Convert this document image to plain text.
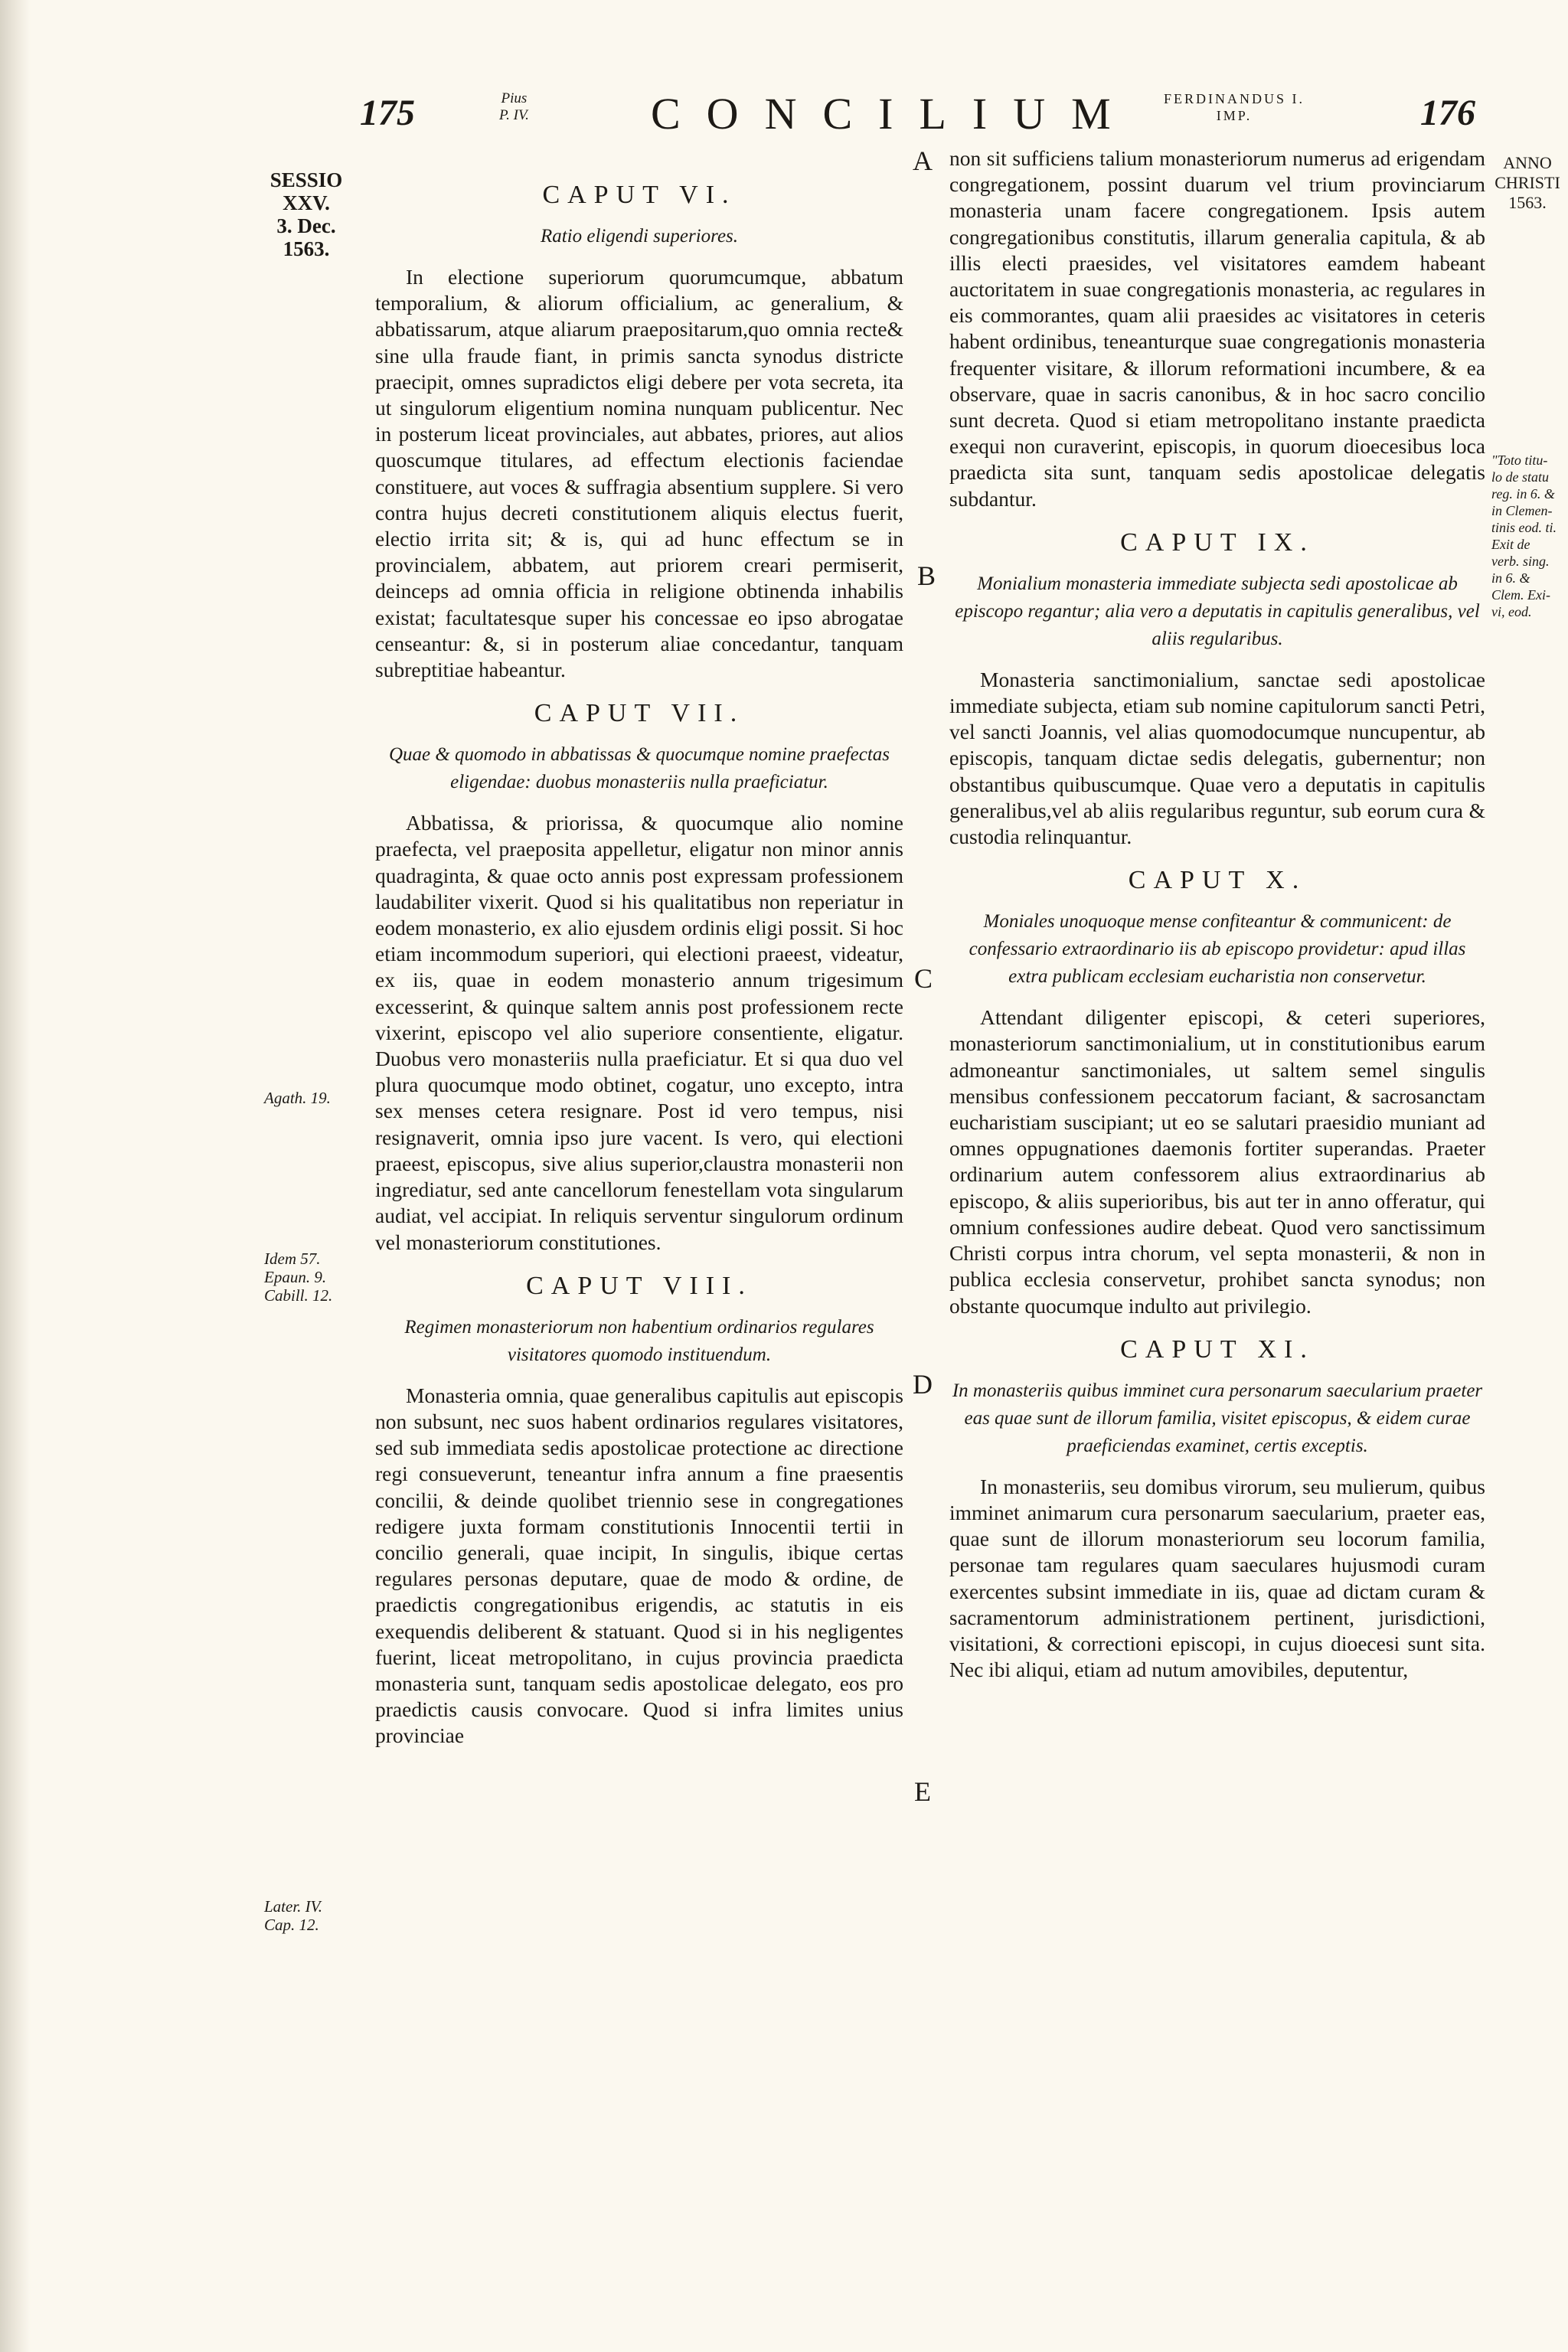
175	Pius
P. IV.	CONCILIUM FERDINANDUS I.
IMP.	176
SESSIO
XXV.
3. Dec.
1563.
Agath. 19.
Idem 57.
Epaun. 9.
Cabill. 12.
Later. IV.
Cap. 12.
ANNO
CHRISTI
1563.
"Toto titu-
lo de statu
reg. in 6. &
in Clemen-
tinis eod. ti.
Exit de
verb. sing.
in 6. &
Clem. Exi-
vi, eod.
A
B
C
D
E
CAPUT VI.
Ratio eligendi superiores.
In electione superiorum quorumcumque, abbatum temporalium, & aliorum officialium, ac generalium, & abbatissarum, atque aliarum praepositarum,quo omnia recte& sine ulla fraude fiant, in primis sancta synodus districte praecipit, omnes supradictos eligi debere per vota secreta, ita ut singulorum eligentium nomina nunquam publicentur. Nec in posterum liceat provinciales, aut abbates, priores, aut alios quoscumque titulares, ad effectum electionis faciendae constituere, aut voces & suffragia absentium supplere. Si vero contra hujus decreti constitutionem aliquis electus fuerit, electio irrita sit; & is, qui ad hunc effectum se in provincialem, abbatem, aut priorem creari permiserit, deinceps ad omnia officia in religione obtinenda inhabilis existat; facultatesque super his concessae eo ipso abrogatae censeantur: &, si in posterum aliae concedantur, tanquam subreptitiae habeantur.
CAPUT VII.
Quae & quomodo in abbatissas & quocumque nomine praefectas eligendae: duobus monasteriis nulla praeficiatur.
Abbatissa, & priorissa, & quocumque alio nomine praefecta, vel praeposita appelletur, eligatur non minor annis quadraginta, & quae octo annis post expressam professionem laudabiliter vixerit. Quod si his qualitatibus non reperiatur in eodem monasterio, ex alio ejusdem ordinis eligi possit. Si hoc etiam incommodum superiori, qui electioni praeest, videatur, ex iis, quae in eodem monasterio annum trigesimum excesserint, & quinque saltem annis post professionem recte vixerint, episcopo vel alio superiore consentiente, eligatur. Duobus vero monasteriis nulla praeficiatur. Et si qua duo vel plura quocumque modo obtinet, cogatur, uno excepto, intra sex menses cetera resignare. Post id vero tempus, nisi resignaverit, omnia ipso jure vacent. Is vero, qui electioni praeest, episcopus, sive alius superior,claustra monasterii non ingrediatur, sed ante cancellorum fenestellam vota singularum audiat, vel accipiat. In reliquis serventur singulorum ordinum vel monasteriorum constitutiones.
CAPUT VIII.
Regimen monasteriorum non habentium ordinarios regulares visitatores quomodo instituendum.
Monasteria omnia, quae generalibus capitulis aut episcopis non subsunt, nec suos habent ordinarios regulares visitatores, sed sub immediata sedis apostolicae protectione ac directione regi consueverunt, teneantur infra annum a fine praesentis concilii, & deinde quolibet triennio sese in congregationes redigere juxta formam constitutionis Innocentii tertii in concilio generali, quae incipit, In singulis, ibique certas regulares personas deputare, quae de modo & ordine, de praedictis congregationibus erigendis, ac statutis in eis exequendis deliberent & statuant. Quod si in his negligentes fuerint, liceat metropolitano, in cujus provincia praedicta monasteria sunt, tanquam sedis apostolicae delegato, eos pro praedictis causis convocare. Quod si infra limites unius provinciae
non sit sufficiens talium monasteriorum numerus ad erigendam congregationem, possint duarum vel trium provinciarum monasteria unam facere congregationem. Ipsis autem congregationibus constitutis, illarum generalia capitula, & ab illis electi praesides, vel visitatores eamdem habeant auctoritatem in suae congregationis monasteria, ac regulares in eis commorantes, quam alii praesides ac visitatores in ceteris habent ordinibus, teneanturque suae congregationis monasteria frequenter visitare, & illorum reformationi incumbere, & ea observare, quae in sacris canonibus, & in hoc sacro concilio sunt decreta. Quod si etiam metropolitano instante praedicta exequi non curaverint, episcopis, in quorum dioecesibus loca praedicta sita sunt, tanquam sedis apostolicae delegatis subdantur.
CAPUT IX.
Monialium monasteria immediate subjecta sedi apostolicae ab episcopo regantur; alia vero a deputatis in capitulis generalibus, vel aliis regularibus.
Monasteria sanctimonialium, sanctae sedi apostolicae immediate subjecta, etiam sub nomine capitulorum sancti Petri, vel sancti Joannis, vel alias quomodocumque nuncupentur, ab episcopis, tanquam dictae sedis delegatis, gubernentur; non obstantibus quibuscumque. Quae vero a deputatis in capitulis generalibus,vel ab aliis regularibus reguntur, sub eorum cura & custodia relinquantur.
CAPUT X.
Moniales unoquoque mense confiteantur & communicent: de confessario extraordinario iis ab episcopo providetur: apud illas extra publicam ecclesiam eucharistia non conservetur.
Attendant diligenter episcopi, & ceteri superiores, monasteriorum sanctimonialium, ut in constitutionibus earum admoneantur sanctimoniales, ut saltem semel singulis mensibus confessionem peccatorum faciant, & sacrosanctam eucharistiam suscipiant; ut eo se salutari praesidio muniant ad omnes oppugnationes daemonis fortiter superandas. Praeter ordinarium autem confessorem alius extraordinarius ab episcopo, & aliis superioribus, bis aut ter in anno offeratur, qui omnium confessiones audire debeat. Quod vero sanctissimum Christi corpus intra chorum, vel septa monasterii, & non in publica ecclesia conservetur, prohibet sancta synodus; non obstante quocumque indulto aut privilegio.
CAPUT XI.
In monasteriis quibus imminet cura personarum saecularium praeter eas quae sunt de illorum familia, visitet episcopus, & eidem curae praeficiendas examinet, certis exceptis.
In monasteriis, seu domibus virorum, seu mulierum, quibus imminet animarum cura personarum saecularium, praeter eas, quae sunt de illorum monasteriorum seu locorum familia, personae tam regulares quam saeculares hujusmodi curam exercentes subsint immediate in iis, quae ad dictam curam & sacramentorum administrationem pertinent, jurisdictioni, visitationi, & correctioni episcopi, in cujus dioecesi sunt sita. Nec ibi aliqui, etiam ad nutum amovibiles, deputentur,
